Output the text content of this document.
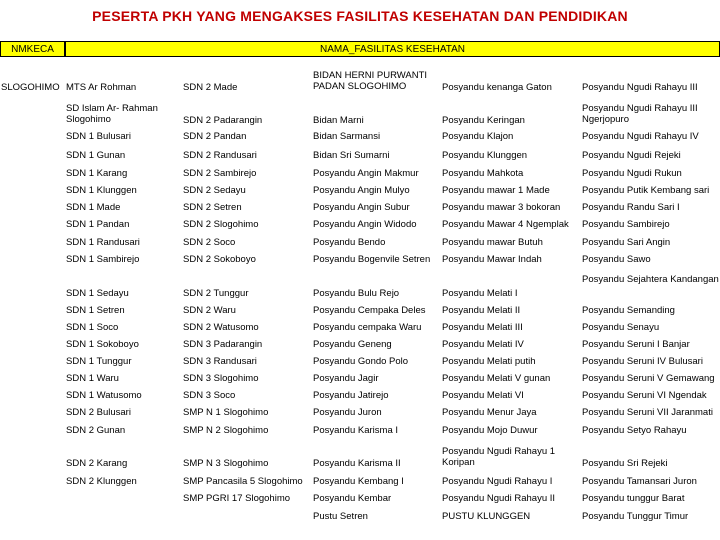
PESERTA PKH YANG MENGAKSES FASILITAS KESEHATAN DAN PENDIDIKAN
NMKECA	NAMA_FASILITAS KESEHATAN
SLOGOHIMO MTS Ar Rohman
SD Islam Ar- Rahman Slogohimo
SDN 1 Bulusari
SDN 1 Gunan
SDN 1 Karang
SDN 1 Klunggen
SDN 1 Made
SDN 1 Pandan
SDN 1 Randusari
SDN 1 Sambirejo
SDN 1 Sedayu
SDN 1 Setren
SDN 1 Soco
SDN 1 Sokoboyo
SDN 1 Tunggur
SDN 1 Waru
SDN 1 Watusomo
SDN 2 Bulusari
SDN 2 Gunan
SDN 2 Karang
SDN 2 Klunggen
SDN 2 Made
SDN 2 Padarangin
SDN 2 Pandan
SDN 2 Randusari
SDN 2 Sambirejo
SDN 2 Sedayu
SDN 2 Setren
SDN 2 Slogohimo
SDN 2 Soco
SDN 2 Sokoboyo
SDN 2 Tunggur
SDN 2 Waru
SDN 2 Watusomo
SDN 3 Padarangin
SDN 3 Randusari
SDN 3 Slogohimo
SDN 3 Soco
SMP N 1 Slogohimo
SMP N 2 Slogohimo
SMP N 3 Slogohimo
SMP Pancasila 5 Slogohimo
SMP PGRI 17 Slogohimo
BIDAN HERNI PURWANTI PADAN SLOGOHIMO
Bidan Marni
Bidan Sarmansi
Bidan Sri Sumarni
Posyandu Angin Makmur
Posyandu Angin Mulyo
Posyandu Angin Subur
Posyandu Angin Widodo
Posyandu Bendo
Posyandu Bogenvile Setren
Posyandu Bulu Rejo
Posyandu Cempaka Deles
Posyandu cempaka Waru
Posyandu Geneng
Posyandu Gondo Polo
Posyandu Jagir
Posyandu Jatirejo
Posyandu Juron
Posyandu Karisma I
Posyandu Karisma II
Posyandu Kembang I
Posyandu Kembar
Pustu Setren
Posyandu kenanga Gaton
Posyandu Keringan
Posyandu Klajon
Posyandu Klunggen
Posyandu Mahkota
Posyandu mawar 1 Made
Posyandu mawar 3 bokoran
Posyandu Mawar 4 Ngemplak
Posyandu mawar Butuh
Posyandu Mawar Indah
Posyandu Melati I
Posyandu Melati II
Posyandu Melati III
Posyandu Melati IV
Posyandu Melati putih
Posyandu Melati V gunan
Posyandu Melati VI
Posyandu Menur Jaya
Posyandu Mojo Duwur
Posyandu Ngudi Rahayu 1 Koripan
Posyandu Ngudi Rahayu I
Posyandu Ngudi Rahayu II
PUSTU KLUNGGEN
Posyandu Ngudi Rahayu III
Posyandu Ngudi Rahayu III Ngerjopuro
Posyandu Ngudi Rahayu IV
Posyandu Ngudi Rejeki
Posyandu Ngudi Rukun
Posyandu Putik Kembang sari
Posyandu Randu Sari I
Posyandu Sambirejo
Posyandu Sari Angin
Posyandu Sawo
Posyandu Sejahtera Kandangan
Posyandu Semanding
Posyandu Senayu
Posyandu Seruni I Banjar
Posyandu Seruni IV Bulusari
Posyandu Seruni V Gemawang
Posyandu Seruni VI Ngendak
Posyandu Seruni VII Jaranmati
Posyandu Setyo Rahayu
Posyandu Sri Rejeki
Posyandu Tamansari Juron
Posyandu tunggur Barat
Posyandu Tunggur Timur
